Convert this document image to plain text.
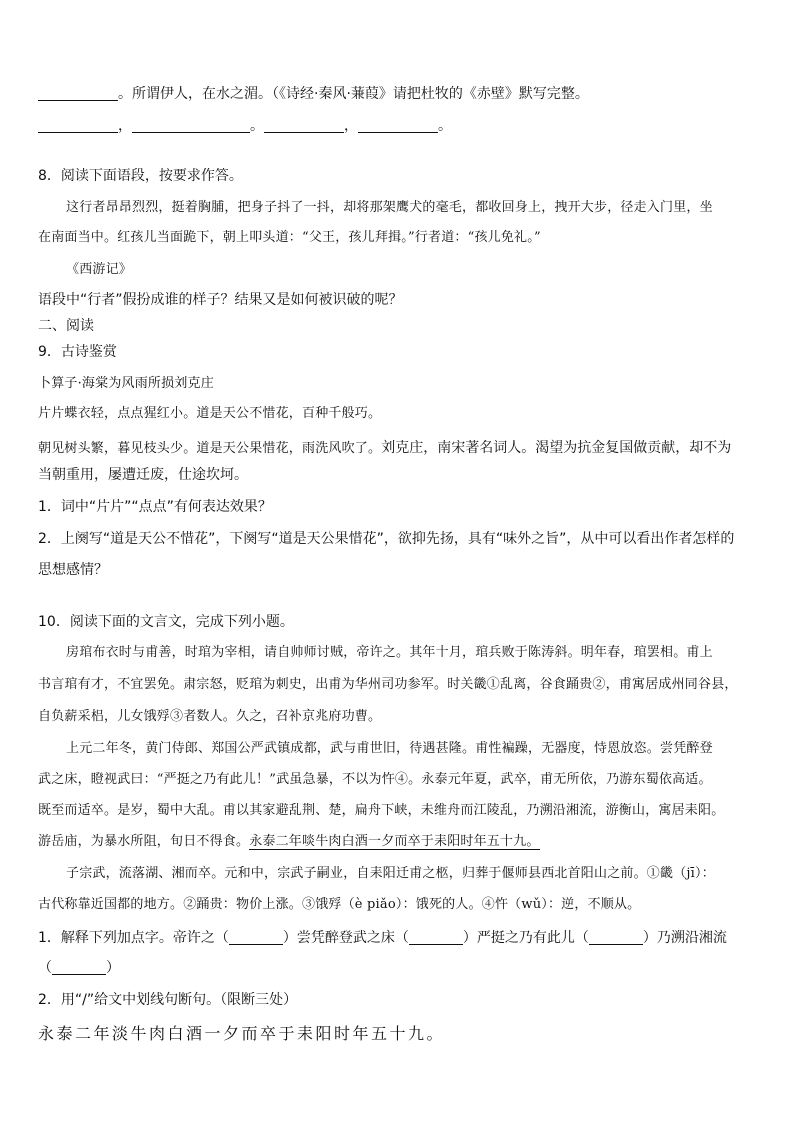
。所谓伊人，在水之湄。（《诗经·秦风·蒹葭》请把杜牧的《赤壁》默写完整。
，	。	，	。
8．阅读下面语段，按要求作答。
这行者昂昂烈烈，挺着胸脯，把身子抖了一抖，却将那架鹰犬的毫毛，都收回身上，拽开大步，径走入门里，坐
在南面当中。红孩儿当面跪下，朝上叩头道：“父王，孩儿拜揖。”行者道：“孩儿免礼。”
《西游记》
语段中“行者”假扮成谁的样子？结果又是如何被识破的呢？
二、阅读
9．古诗鉴赏
卜算子·海棠为风雨所损刘克庄
片片蝶衣轻，点点猩红小。道是天公不惜花，百种千般巧。
朝见树头繁，暮见枝头少。道是天公果惜花，雨洗风吹了。刘克庄，南宋著名词人。渴望为抗金复国做贡献，却不为
当朝重用，屡遭迁废，仕途坎坷。
1．词中“片片”“点点”有何表达效果？
2．上阕写“道是天公不惜花”，下阕写“道是天公果惜花”，欲抑先扬，具有“味外之旨”，从中可以看出作者怎样的
思想感情？
10．阅读下面的文言文，完成下列小题。
房琯布衣时与甫善，时琯为宰相，请自帅师讨贼，帝许之。其年十月，琯兵败于陈涛斜。明年春，琯罢相。甫上
书言琯有才，不宜罢免。肃宗怒，贬琯为刺史，出甫为华州司功参军。时关畿①乱离，谷食踊贵②，甫寓居成州同谷县，
自负薪采梠，儿女饿殍③者数人。久之，召补京兆府功曹。
上元二年冬，黄门侍郎、郑国公严武镇成都，武与甫世旧，待遇甚隆。甫性褊躁，无器度，恃恩放恣。尝凭醉登
武之床，瞪视武曰：“严挺之乃有此儿！”武虽急暴，不以为忤④。永泰元年夏，武卒，甫无所依，乃游东蜀依高适。
既至而适卒。是岁，蜀中大乱。甫以其家避乱荆、楚，扁舟下峡，未维舟而江陵乱，乃溯沿湘流，游衡山，寓居耒阳。
游岳庙，为暴水所阻，旬日不得食。永泰二年啖牛肉白酒一夕而卒于耒阳时年五十九。
子宗武，流落湖、湘而卒。元和中，宗武子嗣业，自耒阳迁甫之柩，归葬于偃师县西北首阳山之前。①畿（jī）：
古代称靠近国都的地方。②踊贵：物价上涨。③饿殍（è piǎo）：饿死的人。④忤（wǔ）：逆，不顺从。
1．解释下列加点字。帝许之（	）尝凭醉登武之床（	）严挺之乃有此儿（	）乃溯沿湘流
（	）
2．用“/”给文中划线句断句。（限断三处）
永泰二年淡牛肉白酒一夕而卒于耒阳时年五十九。
